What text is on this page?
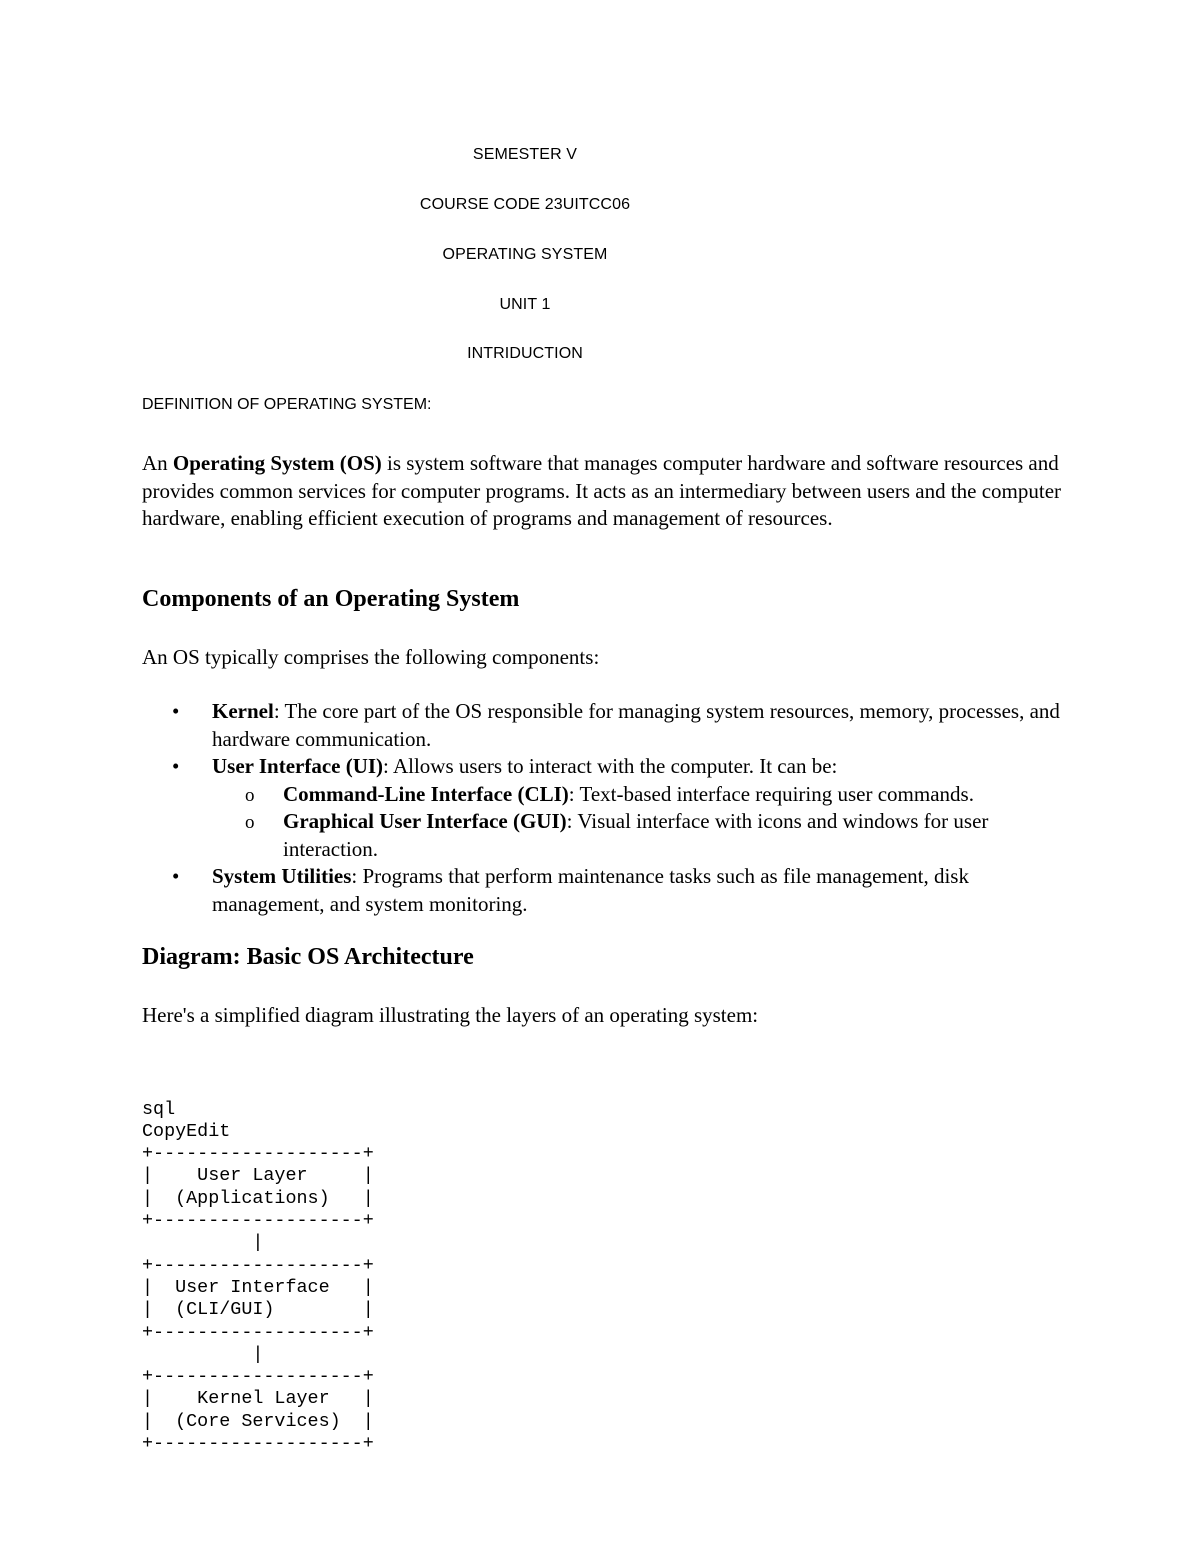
SEMESTER V

COURSE CODE 23UITCC06

OPERATING SYSTEM

UNIT 1

INTRIDUCTION

DEFINITION OF OPERATING SYSTEM:

An Operating System (OS) is system software that manages computer hardware and software resources and provides common services for computer programs. It acts as an intermediary between users and the computer hardware, enabling efficient execution of programs and management of resources.

Components of an Operating System

An OS typically comprises the following components:

• Kernel: The core part of the OS responsible for managing system resources, memory, processes, and hardware communication.
• User Interface (UI): Allows users to interact with the computer. It can be:
o Command-Line Interface (CLI): Text-based interface requiring user commands.
o Graphical User Interface (GUI): Visual interface with icons and windows for user interaction.
• System Utilities: Programs that perform maintenance tasks such as file management, disk management, and system monitoring.
Diagram: Basic OS Architecture

Here's a simplified diagram illustrating the layers of an operating system:

sql
CopyEdit
+-------------------+
|    User Layer     |
|  (Applications)   |
+-------------------+
|
+-------------------+
|  User Interface   |
|  (CLI/GUI)        |
+-------------------+
|
+-------------------+
|    Kernel Layer   |
|  (Core Services)  |
+-------------------+
